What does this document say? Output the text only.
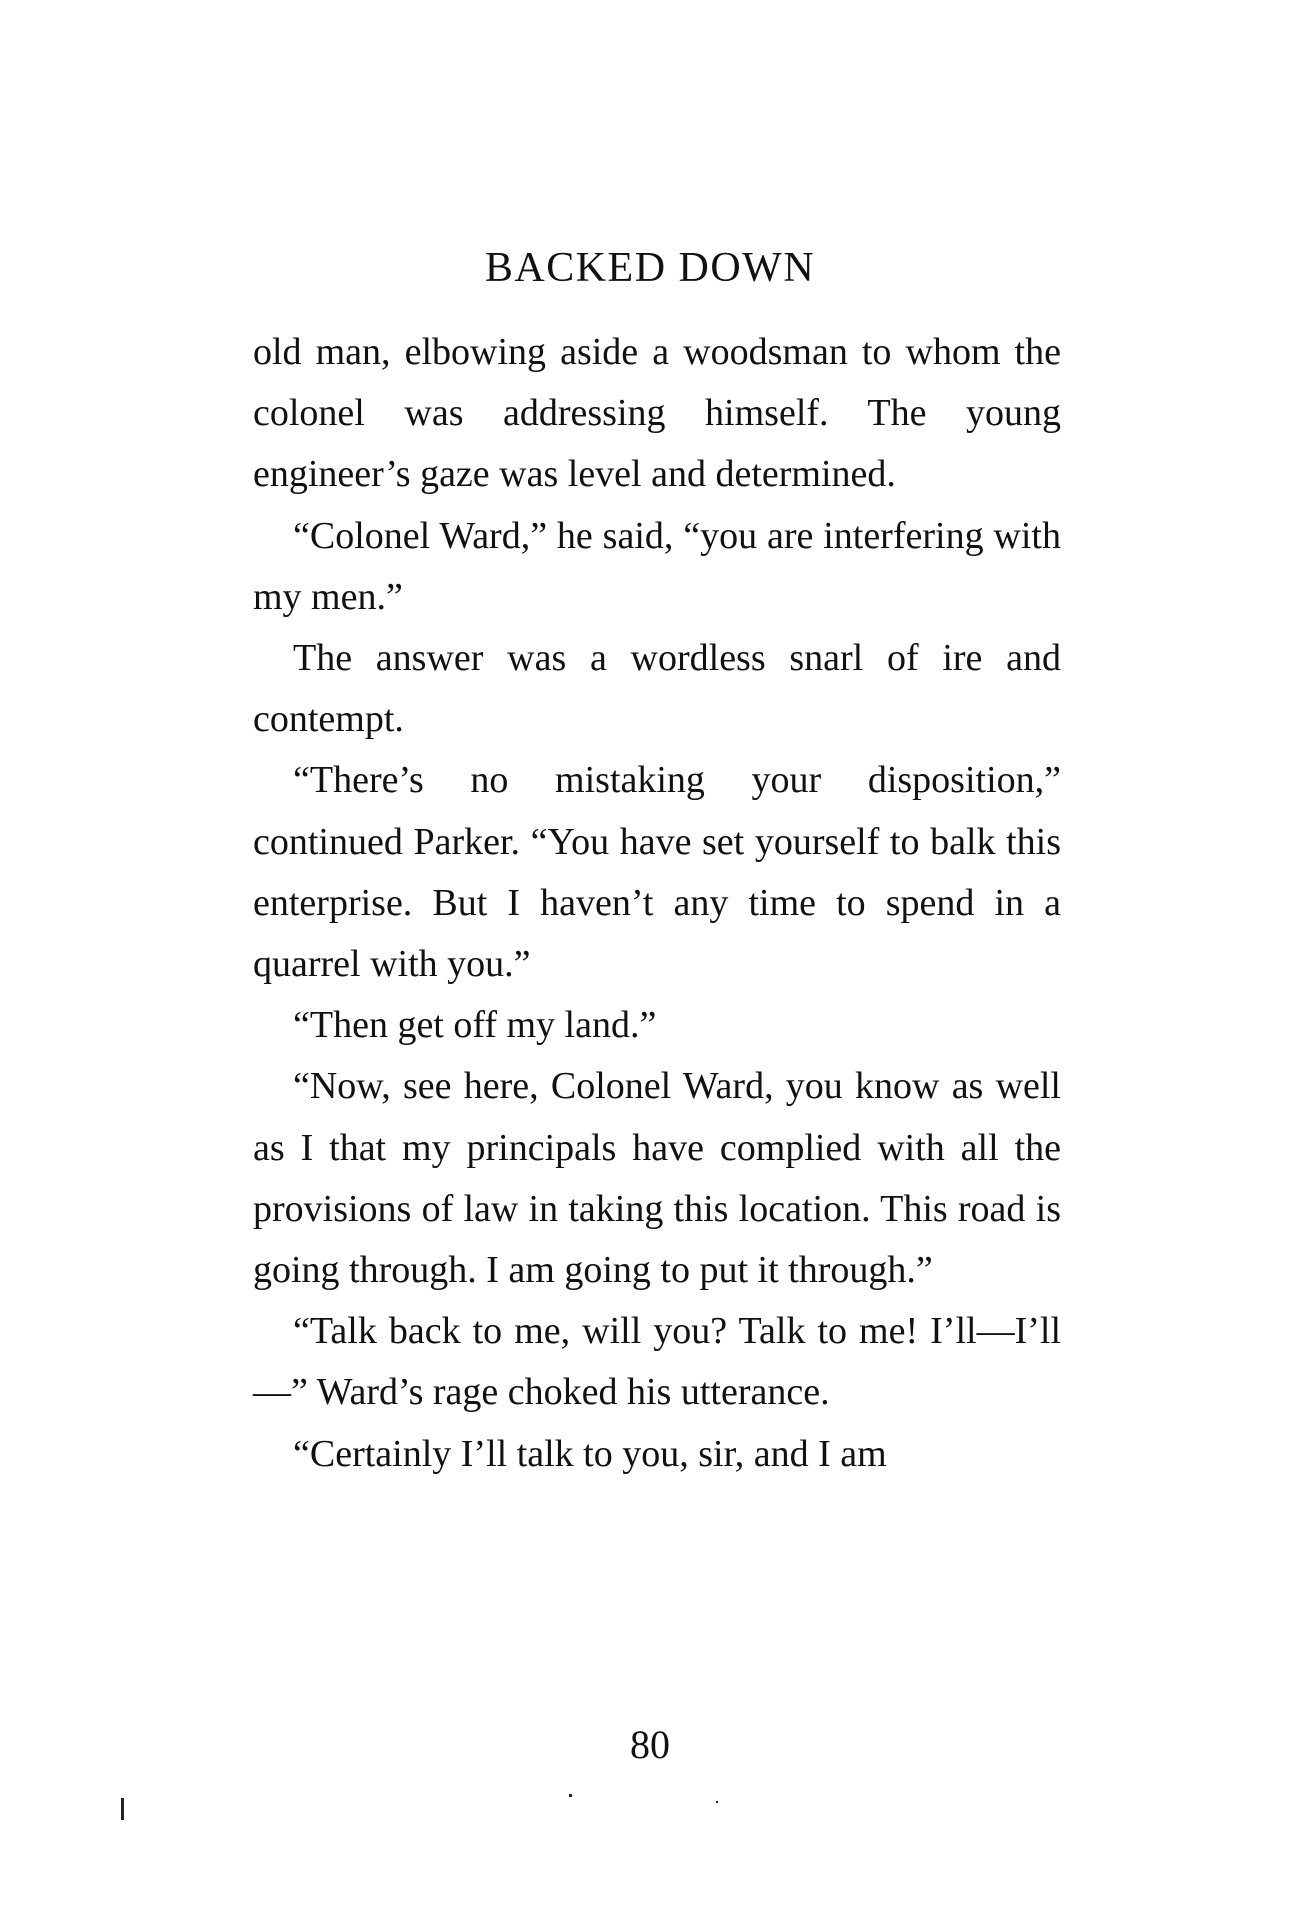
BACKED DOWN

old man, elbowing aside a woodsman to whom the colonel was addressing himself. The young engineer’s gaze was level and determined.

“Colonel Ward,” he said, “you are interfering with my men.”

The answer was a wordless snarl of ire and contempt.

“There’s no mistaking your disposition,” continued Parker. “You have set yourself to balk this enterprise. But I haven’t any time to spend in a quarrel with you.”

“Then get off my land.”

“Now, see here, Colonel Ward, you know as well as I that my principals have complied with all the provisions of law in taking this location. This road is going through. I am going to put it through.”

“Talk back to me, will you? Talk to me! I’ll—I’ll—” Ward’s rage choked his utterance.

“Certainly I’ll talk to you, sir, and I am

80
